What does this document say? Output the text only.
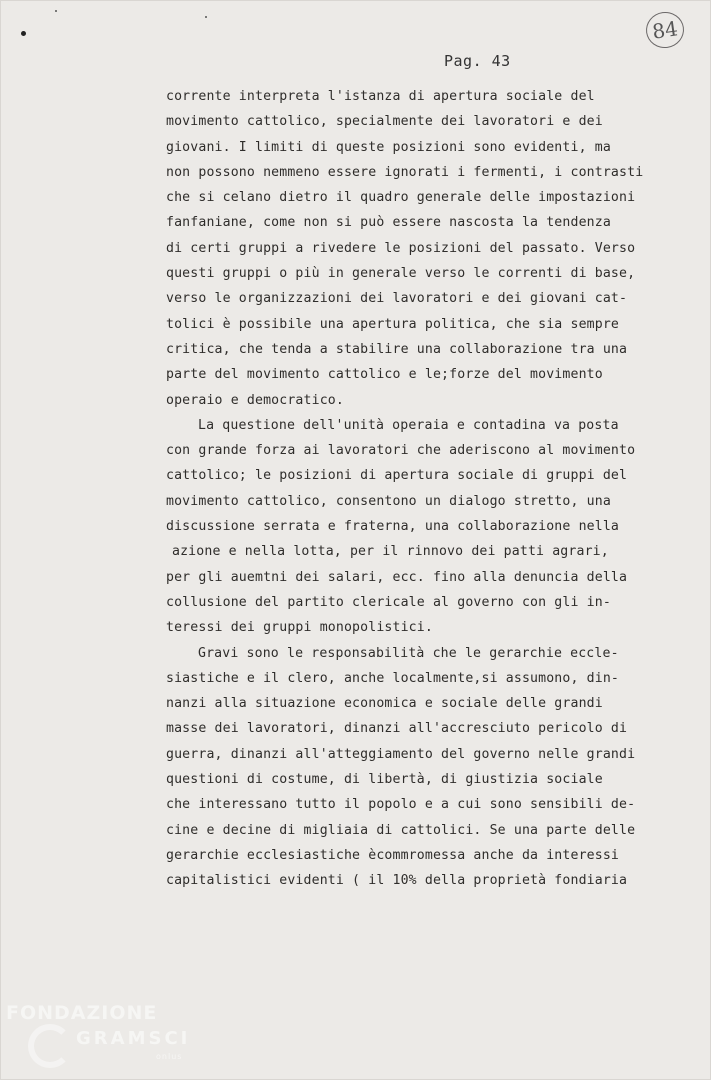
Pag. 43
84
corrente interpreta l'istanza di apertura sociale del
movimento cattolico, specialmente dei lavoratori e dei
giovani. I limiti di queste posizioni sono evidenti, ma
non possono nemmeno essere ignorati i fermenti, i contrasti
che si celano dietro il quadro generale delle impostazioni
fanfaniane, come non si può essere nascosta la tendenza
di certi gruppi a rivedere le posizioni del passato. Verso
questi gruppi o più in generale verso le correnti di base,
verso le organizzazioni dei lavoratori e dei giovani cat-
tolici è possibile una apertura politica, che sia sempre
critica, che tenda a stabilire una collaborazione tra una
parte del movimento cattolico e le;forze del movimento
operaio e democratico.
La questione dell'unità operaia e contadina va posta
con grande forza ai lavoratori che aderiscono al movimento
cattolico; le posizioni di apertura sociale di gruppi del
movimento cattolico, consentono un dialogo stretto, una
discussione serrata e fraterna, una collaborazione nella
azione e nella lotta, per il rinnovo dei patti agrari,
per gli auemtni dei salari, ecc. fino alla denuncia della
collusione del partito clericale al governo con gli in-
teressi dei gruppi monopolistici.
Gravi sono le responsabilità che le gerarchie eccle-
siastiche e il clero, anche localmente,si assumono, din-
nanzi alla situazione economica e sociale delle grandi
masse dei lavoratori, dinanzi all'accresciuto pericolo di
guerra, dinanzi all'atteggiamento del governo nelle grandi
questioni di costume, di libertà, di giustizia sociale
che interessano tutto il popolo e a cui sono sensibili de-
cine e decine di migliaia di cattolici. Se una parte delle
gerarchie ecclesiastiche ècommromessa anche da interessi
capitalistici evidenti ( il 10% della proprietà fondiaria
FONDAZIONE
GRAMSCI
onlus
